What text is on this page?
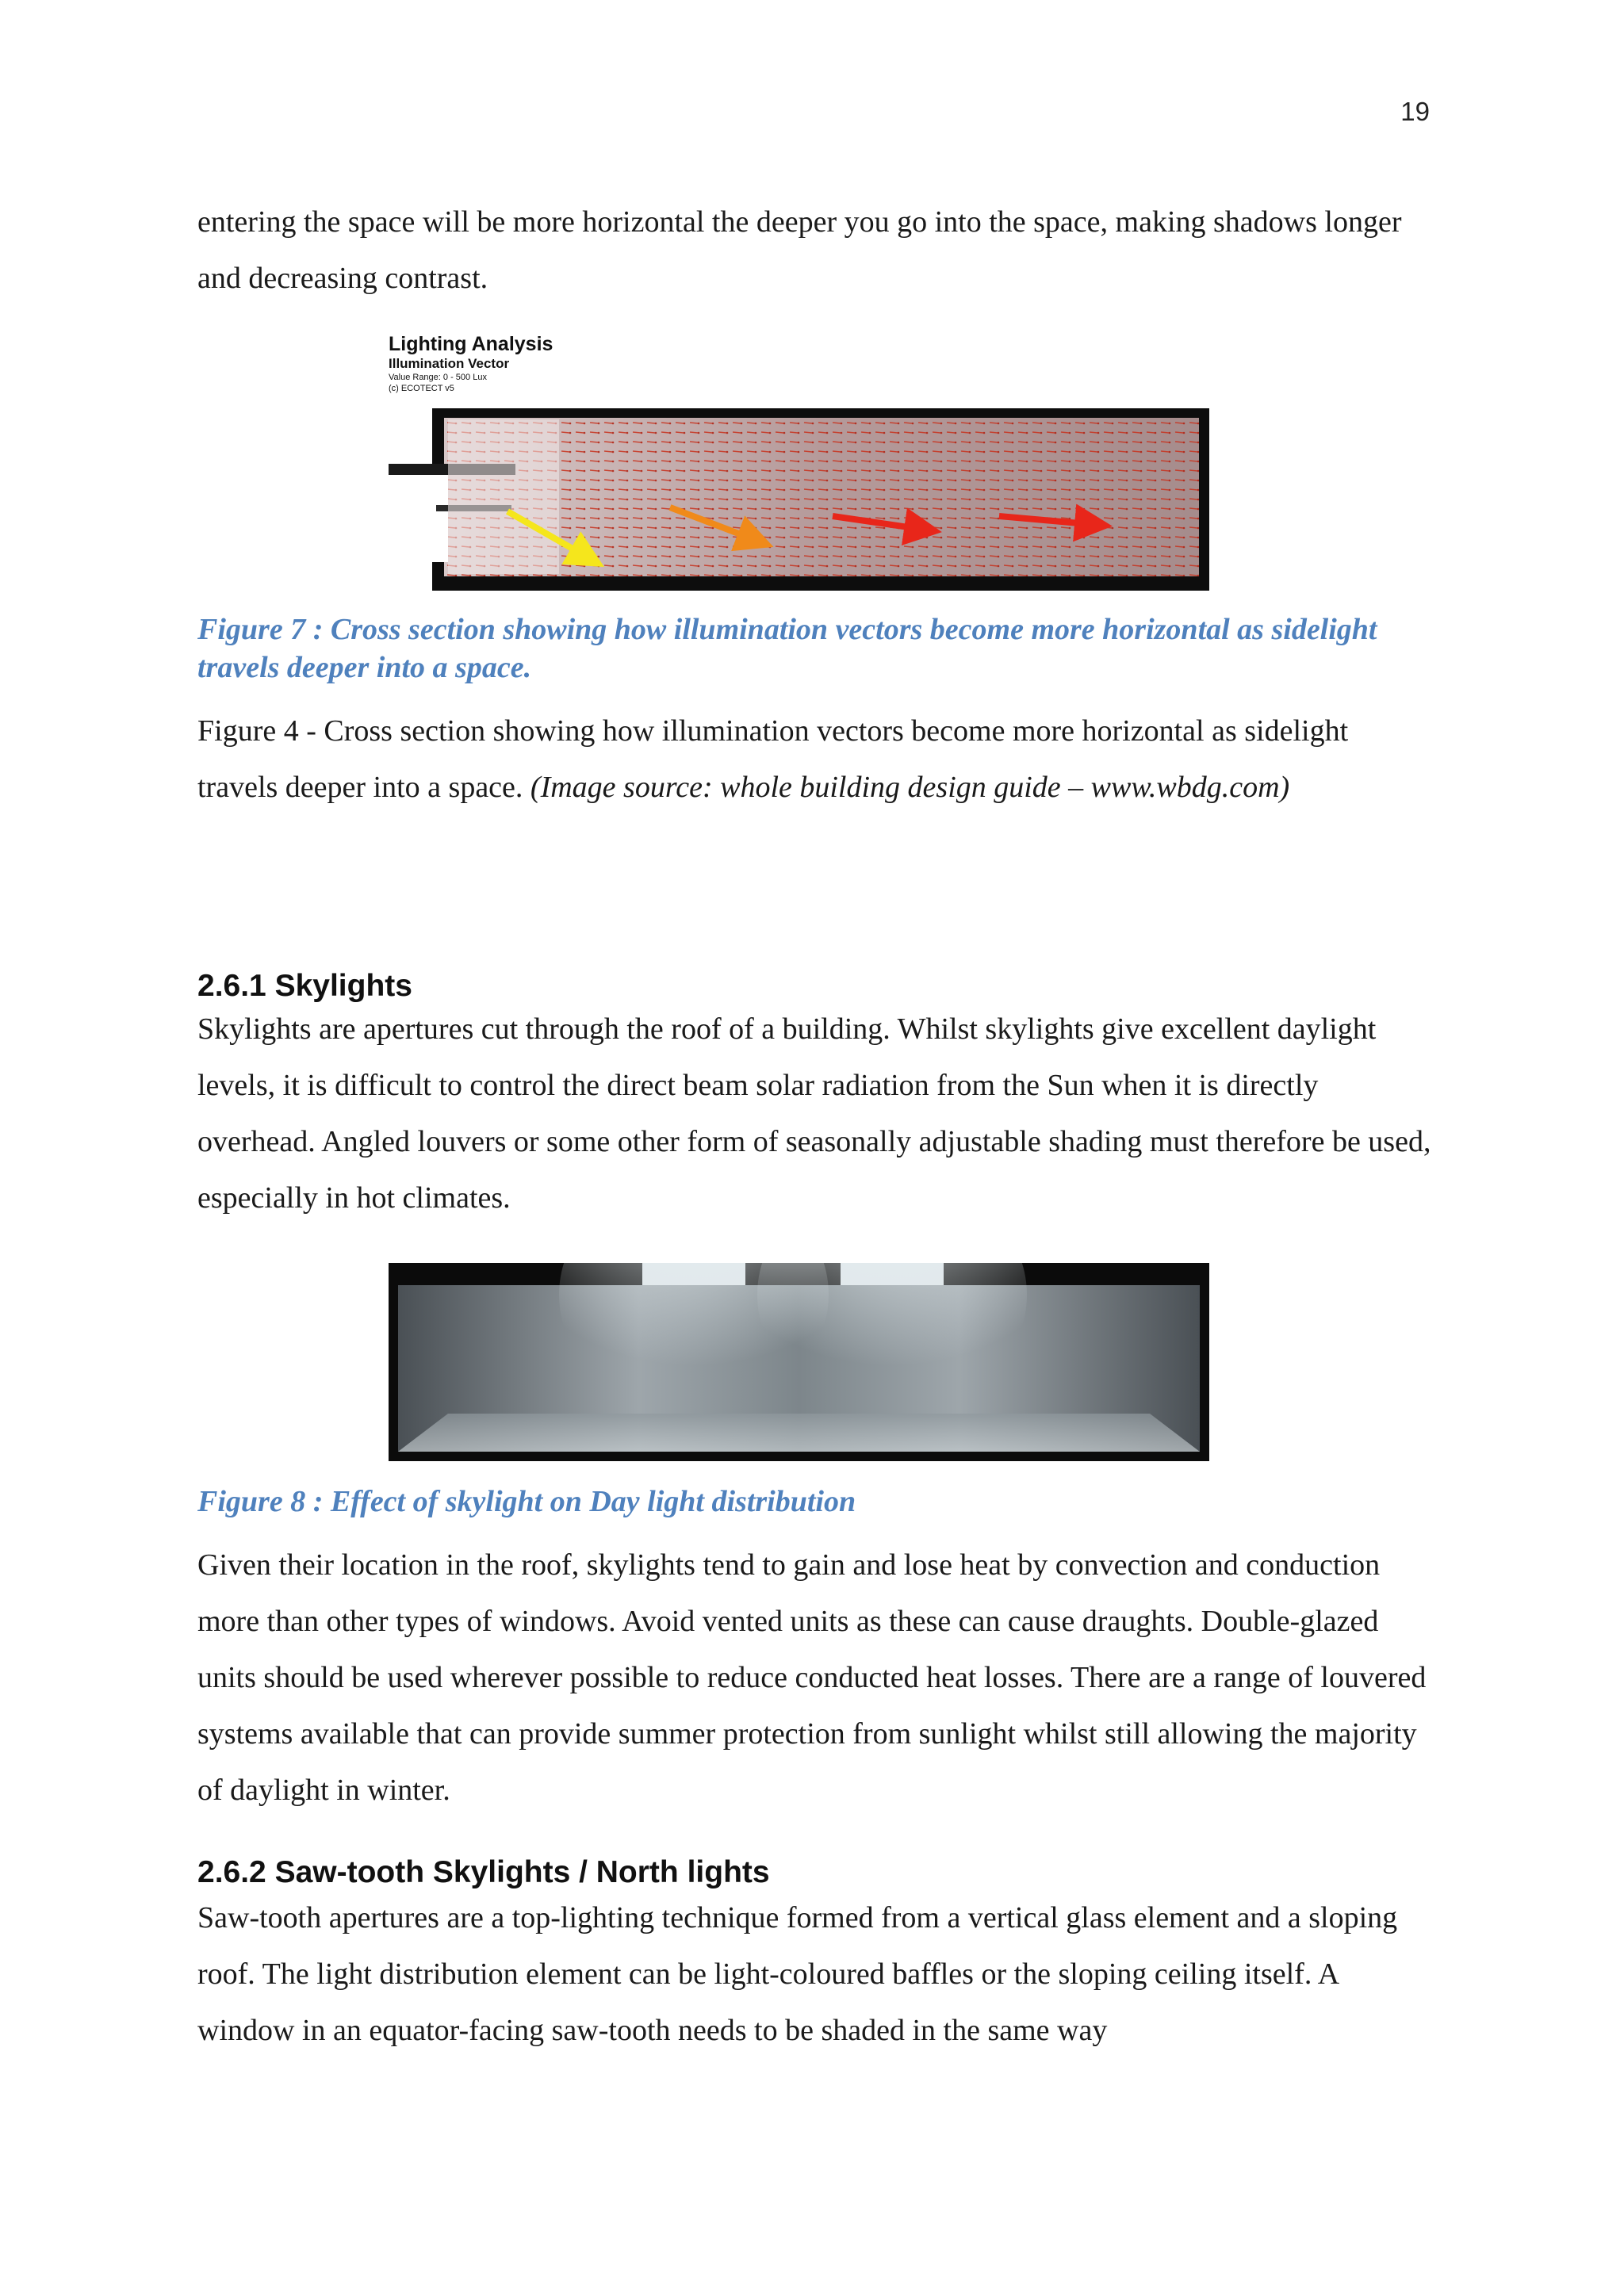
19

entering the space will be more horizontal the deeper you go into the space, making shadows longer and decreasing contrast.

Lighting Analysis
Illumination Vector
Value Range: 0 - 500 Lux
(c) ECOTECT v5

Figure 7 : Cross section showing how illumination vectors become more horizontal as sidelight travels deeper into a space.

Figure 4 - Cross section showing how illumination vectors become more horizontal as sidelight travels deeper into a space. (Image source: whole building design guide – www.wbdg.com)

2.6.1 Skylights

Skylights are apertures cut through the roof of a building. Whilst skylights give excellent daylight levels, it is difficult to control the direct beam solar radiation from the Sun when it is directly overhead. Angled louvers or some other form of seasonally adjustable shading must therefore be used, especially in hot climates.

Figure 8 : Effect of skylight on Day light distribution

Given their location in the roof, skylights tend to gain and lose heat by convection and conduction more than other types of windows. Avoid vented units as these can cause draughts. Double-glazed units should be used wherever possible to reduce conducted heat losses. There are a range of louvered systems available that can provide summer protection from sunlight whilst still allowing the majority of daylight in winter.

2.6.2 Saw-tooth Skylights / North lights

Saw-tooth apertures are a top-lighting technique formed from a vertical glass element and a sloping roof. The light distribution element can be light-coloured baffles or the sloping ceiling itself. A window in an equator-facing saw-tooth needs to be shaded in the same way
